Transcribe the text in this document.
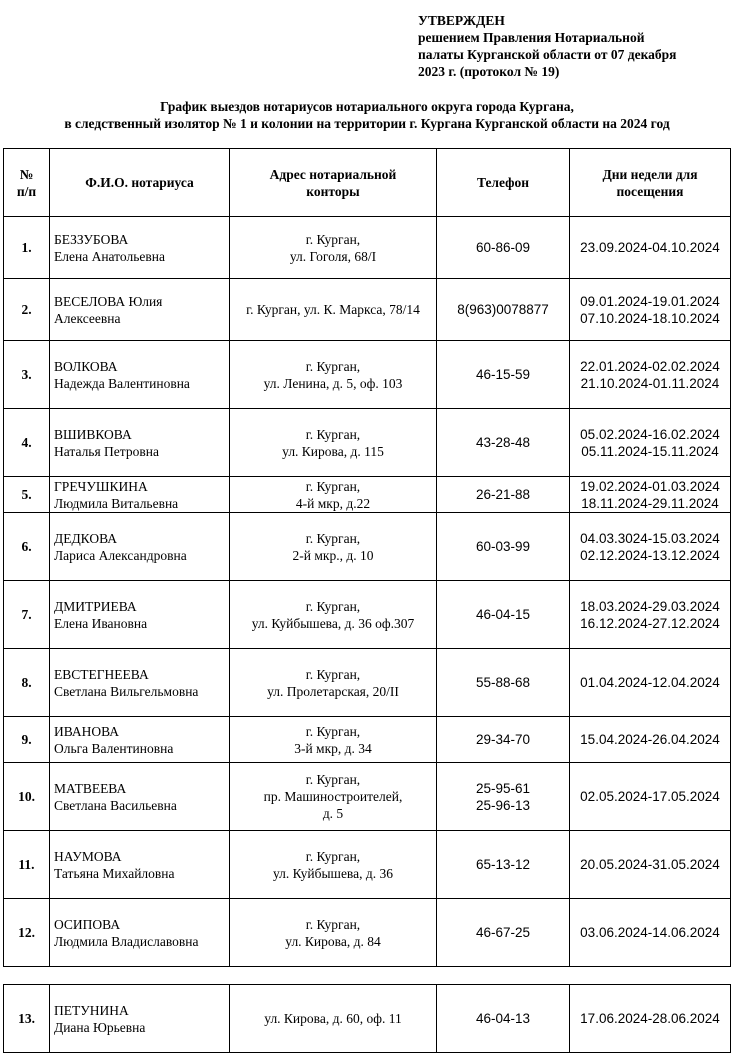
УТВЕРЖДЕН
решением Правления Нотариальной
палаты Курганской области от 07 декабря
2023 г. (протокол № 19)
График выездов нотариусов нотариального округа города Кургана,
в следственный изолятор № 1 и колонии на территории г. Кургана Курганской области на 2024 год
№
п/п	Ф.И.О. нотариуса	Адрес нотариальной
конторы	Телефон	Дни недели для
посещения

1.	БЕЗЗУБОВА
Елена Анатольевна	г. Курган,
ул. Гоголя, 68/I	60-86-09	23.09.2024-04.10.2024

2.	ВЕСЕЛОВА Юлия
Алексеевна	г. Курган, ул. К. Маркса, 78/14	8(963)0078877	09.01.2024-19.01.2024
07.10.2024-18.10.2024

3.	ВОЛКОВА
Надежда Валентиновна	г. Курган,
ул. Ленина, д. 5, оф. 103	46-15-59	22.01.2024-02.02.2024
21.10.2024-01.11.2024

4.	ВШИВКОВА
Наталья Петровна	г. Курган,
ул. Кирова, д. 115	43-28-48	05.02.2024-16.02.2024
05.11.2024-15.11.2024

5.	ГРЕЧУШКИНА
Людмила Витальевна	г. Курган,
4-й мкр, д.22	26-21-88	19.02.2024-01.03.2024
18.11.2024-29.11.2024

6.	ДЕДКОВА
Лариса Александровна	г. Курган,
2-й мкр., д. 10	60-03-99	04.03.3024-15.03.2024
02.12.2024-13.12.2024

7.	ДМИТРИЕВА
Елена Ивановна	г. Курган,
ул. Куйбышева, д. 36 оф.307	46-04-15	18.03.2024-29.03.2024
16.12.2024-27.12.2024

8.	ЕВСТЕГНЕЕВА
Светлана Вильгельмовна	г. Курган,
ул. Пролетарская, 20/II	55-88-68	01.04.2024-12.04.2024

9.	ИВАНОВА
Ольга Валентиновна	г. Курган,
3-й мкр, д. 34	29-34-70	15.04.2024-26.04.2024

10.	МАТВЕЕВА
Светлана Васильевна	г. Курган,
пр. Машиностроителей,
д. 5	25-95-61
25-96-13	02.05.2024-17.05.2024

11.	НАУМОВА
Татьяна Михайловна	г. Курган,
ул. Куйбышева, д. 36	65-13-12	20.05.2024-31.05.2024

12.	ОСИПОВА
Людмила Владиславовна	г. Курган,
ул. Кирова, д. 84	46-67-25	03.06.2024-14.06.2024
13.	
ПЕТУНИНА
Диана Юрьевна
	ул. Кирова, д. 60, оф. 11	46-04-13	17.06.2024-28.06.2024
